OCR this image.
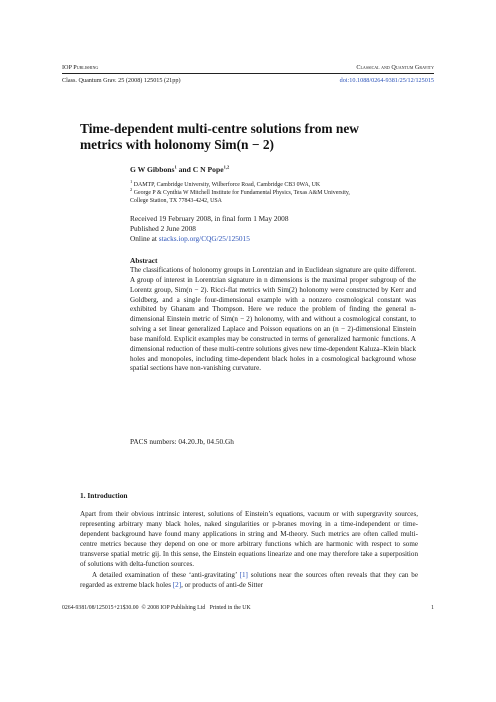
IOP Publishing	Classical and Quantum Gravity
Class. Quantum Grav. 25 (2008) 125015 (21pp)	doi:10.1088/0264-9381/25/12/125015
Time-dependent multi-centre solutions from new
metrics with holonomy Sim(n − 2)
G W Gibbons$^1$ and C N Pope$^{1,2}$
$^1$ DAMTP, Cambridge University, Wilberforce Road, Cambridge CB3 0WA, UK
$^2$ George P & Cynthia W Mitchell Institute for Fundamental Physics, Texas A&M University,
College Station, TX 77843-4242, USA
Received 19 February 2008, in final form 1 May 2008
Published 2 June 2008
Online at stacks.iop.org/CQG/25/125015
Abstract
The classifications of holonomy groups in Lorentzian and in Euclidean signature are quite different. A group of interest in Lorentzian signature in n dimensions is the maximal proper subgroup of the Lorentz group, Sim(n − 2). Ricci-flat metrics with Sim(2) holonomy were constructed by Kerr and Goldberg, and a single four-dimensional example with a nonzero cosmological constant was exhibited by Ghanam and Thompson. Here we reduce the problem of finding the general n-dimensional Einstein metric of Sim(n − 2) holonomy, with and without a cosmological constant, to solving a set linear generalized Laplace and Poisson equations on an (n − 2)-dimensional Einstein base manifold. Explicit examples may be constructed in terms of generalized harmonic functions. A dimensional reduction of these multi-centre solutions gives new time-dependent Kaluza–Klein black holes and monopoles, including time-dependent black holes in a cosmological background whose spatial sections have non-vanishing curvature.
PACS numbers: 04.20.Jb, 04.50.Gh
1. Introduction
Apart from their obvious intrinsic interest, solutions of Einstein’s equations, vacuum or with supergravity sources, representing arbitrary many black holes, naked singularities or p-branes moving in a time-independent or time-dependent background have found many applications in string and M-theory. Such metrics are often called multi-centre metrics because they depend on one or more arbitrary functions which are harmonic with respect to some transverse spatial metric gij. In this sense, the Einstein equations linearize and one may therefore take a superposition of solutions with delta-function sources.
A detailed examination of these ‘anti-gravitating’ [1] solutions near the sources often reveals that they can be regarded as extreme black holes [2], or products of anti-de Sitter
0264-9381/08/125015+21$30.00 © 2008 IOP Publishing Ltd Printed in the UK	1
